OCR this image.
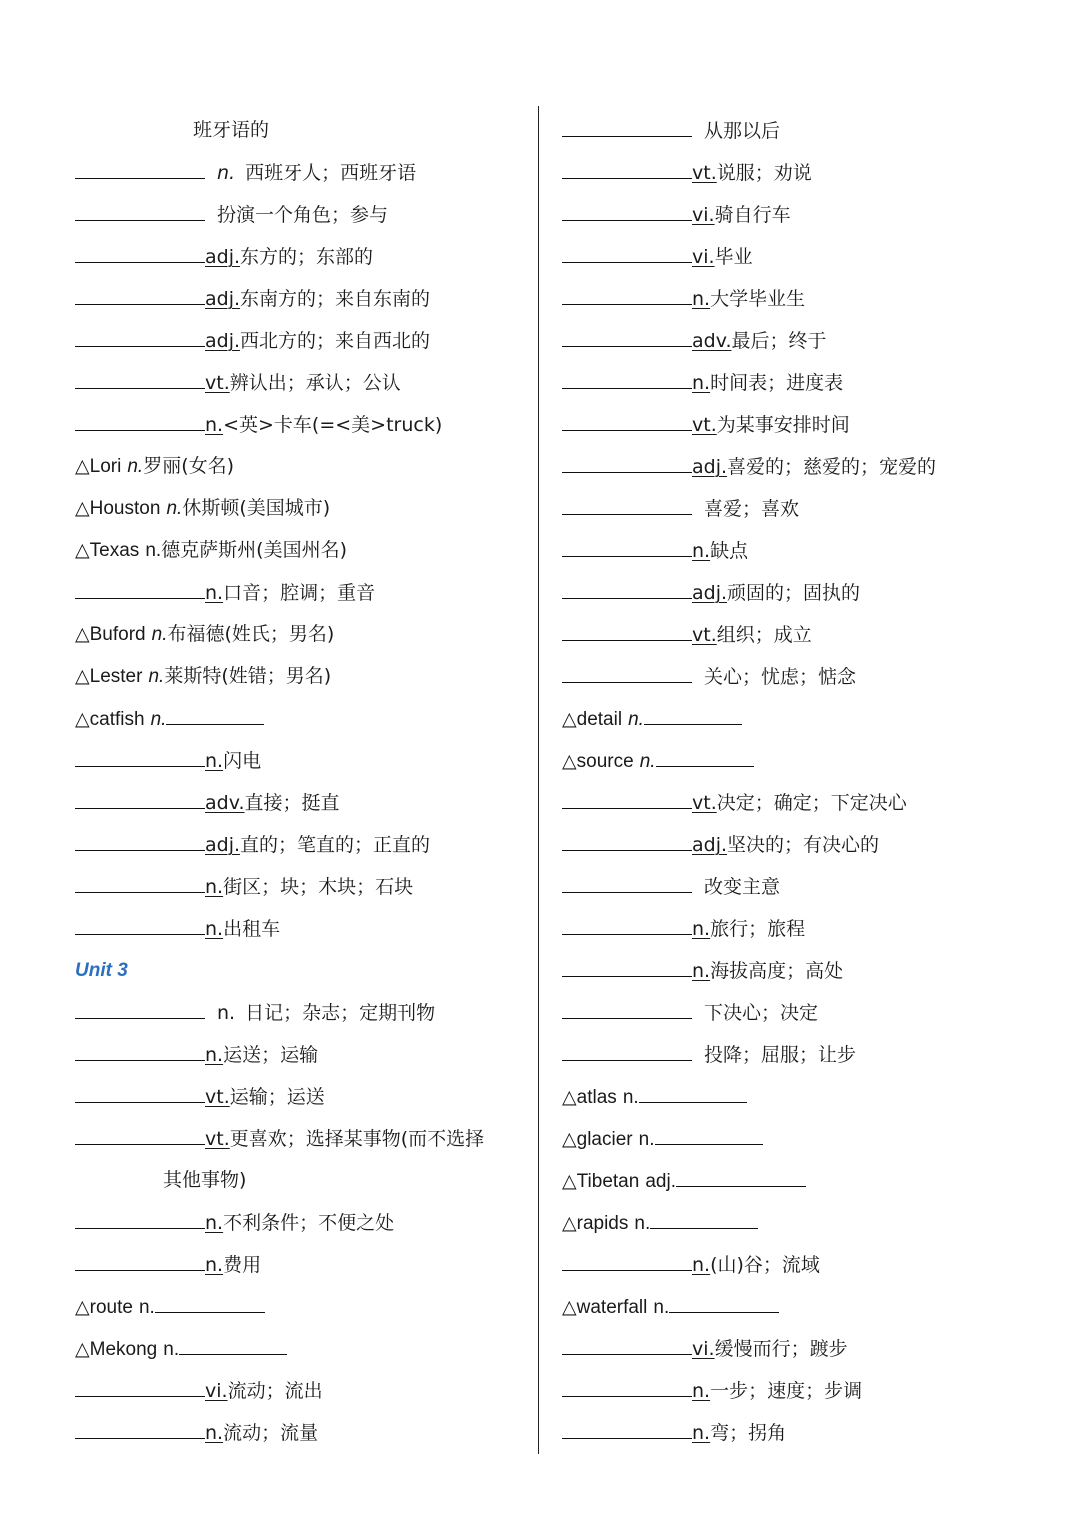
班牙语的
n. 西班牙人；西班牙语
扮演一个角色；参与
adj.东方的；东部的
adj.东南方的；来自东南的
adj.西北方的；来自西北的
vt.辨认出；承认；公认
n.<英>卡车(=<美>truck)
△Lori n.罗丽(女名)
△Houston n.休斯顿(美国城市)
△Texas n.德克萨斯州(美国州名)
n.口音；腔调；重音
△Buford n.布福德(姓氏；男名)
△Lester n.莱斯特(姓错；男名)
△catfish n.
n.闪电
adv.直接；挺直
adj.直的；笔直的；正直的
n.街区；块；木块；石块
n.出租车
Unit 3
n. 日记；杂志；定期刊物
n.运送；运输
vt.运输；运送
vt.更喜欢；选择某事物(而不选择
其他事物)
n.不利条件；不便之处
n.费用
△route n.
△Mekong n.
vi.流动；流出
n.流动；流量
从那以后
vt.说服；劝说
vi.骑自行车
vi.毕业
n.大学毕业生
adv.最后；终于
n.时间表；进度表
vt.为某事安排时间
adj.喜爱的；慈爱的；宠爱的
喜爱；喜欢
n.缺点
adj.顽固的；固执的
vt.组织；成立
关心；忧虑；惦念
△detail n.
△source n.
vt.决定；确定；下定决心
adj.坚决的；有决心的
改变主意
n.旅行；旅程
n.海拔高度；高处
下决心；决定
投降；屈服；让步
△atlas n.
△glacier n.
△Tibetan adj.
△rapids n.
n.(山)谷；流域
△waterfall n.
vi.缓慢而行；踱步
n.一步；速度；步调
n.弯；拐角
